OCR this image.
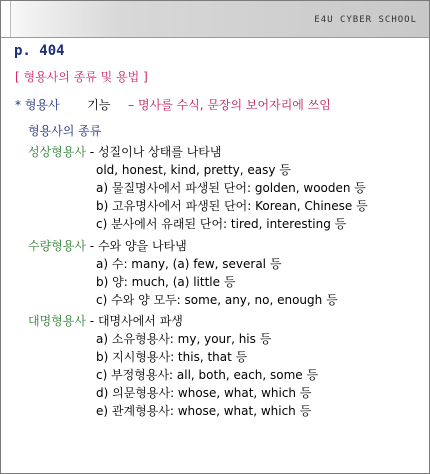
E4U CYBER SCHOOL
p. 404
[ 형용사의 종류 및 용법 ]
* 형용사 기능 – 명사를 수식, 문장의 보어자리에 쓰임
형용사의 종류
성상형용사 - 성질이나 상태를 나타냄
old, honest, kind, pretty, easy 등
a) 물질명사에서 파생된 단어: golden, wooden 등
b) 고유명사에서 파생된 단어: Korean, Chinese 등
c) 분사에서 유래된 단어: tired, interesting 등
수량형용사 - 수와 양을 나타냄
a) 수: many, (a) few, several 등
b) 양: much, (a) little 등
c) 수와 양 모두: some, any, no, enough 등
대명형용사 - 대명사에서 파생
a) 소유형용사: my, your, his 등
b) 지시형용사: this, that 등
c) 부정형용사: all, both, each, some 등
d) 의문형용사: whose, what, which 등
e) 관계형용사: whose, what, which 등
